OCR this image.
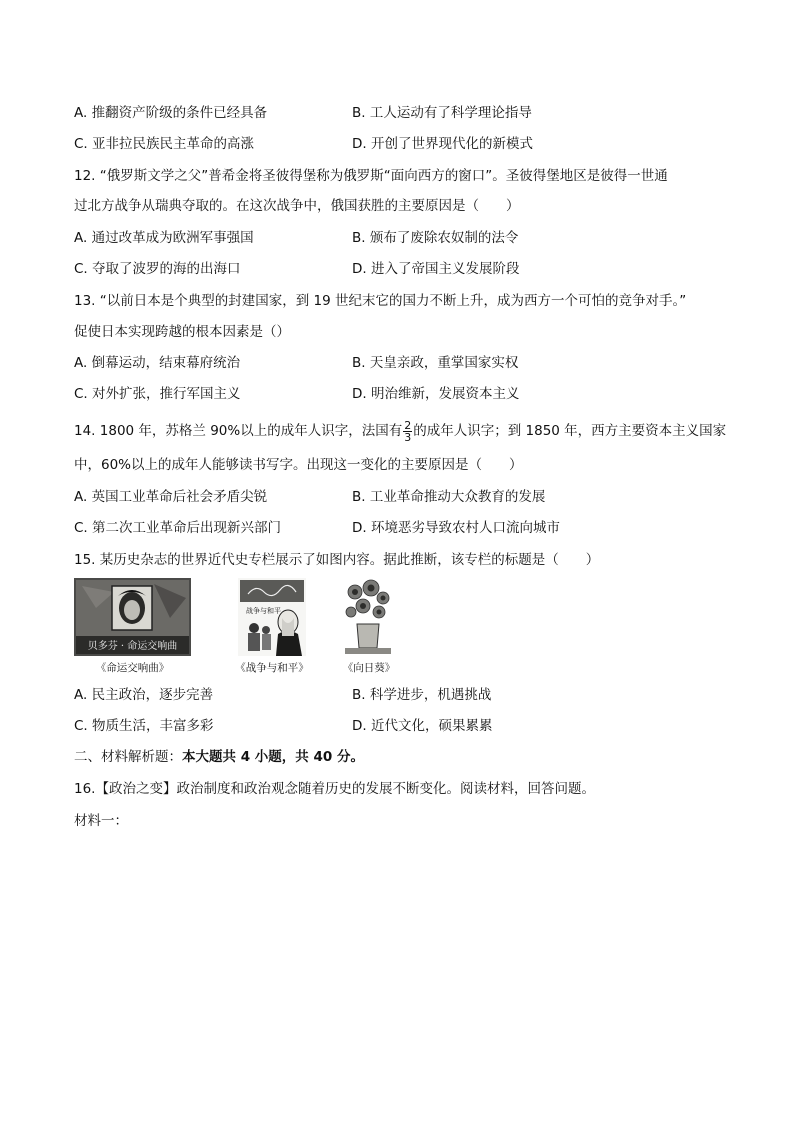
A. 推翻资产阶级的条件已经具备	B. 工人运动有了科学理论指导
C. 亚非拉民族民主革命的高涨	D. 开创了世界现代化的新模式
12. “俄罗斯文学之父”普希金将圣彼得堡称为俄罗斯“面向西方的窗口”。圣彼得堡地区是彼得一世通
过北方战争从瑞典夺取的。在这次战争中，俄国获胜的主要原因是（　　）
A. 通过改革成为欧洲军事强国	B. 颁布了废除农奴制的法令
C. 夺取了波罗的海的出海口	D. 进入了帝国主义发展阶段
13. “以前日本是个典型的封建国家，到 19 世纪末它的国力不断上升，成为西方一个可怕的竞争对手。”
促使日本实现跨越的根本因素是（）
A. 倒幕运动，结束幕府统治	B. 天皇亲政，重掌国家实权
C. 对外扩张，推行军国主义	D. 明治维新，发展资本主义
14. 1800 年，苏格兰 90%以上的成年人识字，法国有 $\frac{2}{3}$ 的成年人识字；到 1850 年，西方主要资本主义国家
中，60%以上的成年人能够读书写字。出现这一变化的主要原因是（　　）
A. 英国工业革命后社会矛盾尖锐	B. 工业革命推动大众教育的发展
C. 第二次工业革命后出现新兴部门	D. 环境恶劣导致农村人口流向城市
15. 某历史杂志的世界近代史专栏展示了如图内容。据此推断，该专栏的标题是（　　）
贝多芬 · 命运交响曲
《命运交响曲》
战争与和平
《战争与和平》	《向日葵》
A. 民主政治，逐步完善	B. 科学进步，机遇挑战
C. 物质生活，丰富多彩	D. 近代文化，硕果累累
二、材料解析题：本大题共 4 小题，共 40 分。
16.【政治之变】政治制度和政治观念随着历史的发展不断变化。阅读材料，回答问题。
材料一：
